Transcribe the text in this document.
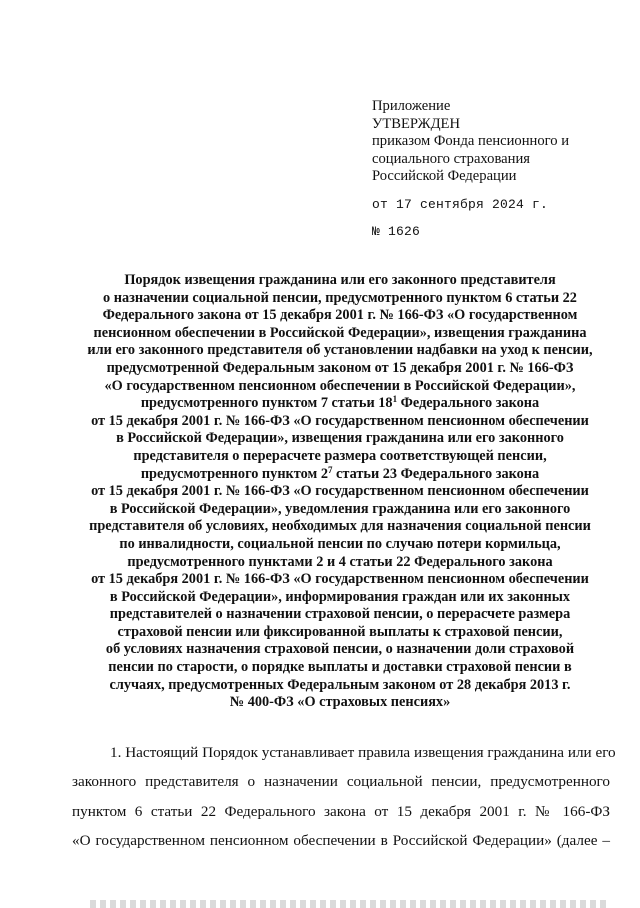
Приложение
УТВЕРЖДЕН
приказом Фонда пенсионного и
социального страхования
Российской Федерации
от 17 сентября 2024 г.
№ 1626
Порядок извещения гражданина или его законного представителя
о назначении социальной пенсии, предусмотренного пунктом 6 статьи 22
Федерального закона от 15 декабря 2001 г. № 166-ФЗ «О государственном
пенсионном обеспечении в Российской Федерации», извещения гражданина
или его законного представителя об установлении надбавки на уход к пенсии,
предусмотренной Федеральным законом от 15 декабря 2001 г. № 166-ФЗ
«О государственном пенсионном обеспечении в Российской Федерации»,
предусмотренного пунктом 7 статьи $18^1$ Федерального закона
от 15 декабря 2001 г. № 166-ФЗ «О государственном пенсионном обеспечении
в Российской Федерации», извещения гражданина или его законного
представителя о перерасчете размера соответствующей пенсии,
предусмотренного пунктом $2^7$ статьи 23 Федерального закона
от 15 декабря 2001 г. № 166-ФЗ «О государственном пенсионном обеспечении
в Российской Федерации», уведомления гражданина или его законного
представителя об условиях, необходимых для назначения социальной пенсии
по инвалидности, социальной пенсии по случаю потери кормильца,
предусмотренного пунктами 2 и 4 статьи 22 Федерального закона
от 15 декабря 2001 г. № 166-ФЗ «О государственном пенсионном обеспечении
в Российской Федерации», информирования граждан или их законных
представителей о назначении страховой пенсии, о перерасчете размера
страховой пенсии или фиксированной выплаты к страховой пенсии,
об условиях назначения страховой пенсии, о назначении доли страховой
пенсии по старости, о порядке выплаты и доставки страховой пенсии в
случаях, предусмотренных Федеральным законом от 28 декабря 2013 г.
№ 400-ФЗ «О страховых пенсиях»
1. Настоящий Порядок устанавливает правила извещения гражданина или его
законного представителя о назначении социальной пенсии, предусмотренного
пунктом 6 статьи 22 Федерального закона от 15 декабря 2001 г. № 166-ФЗ
«О государственном пенсионном обеспечении в Российской Федерации» (далее –
